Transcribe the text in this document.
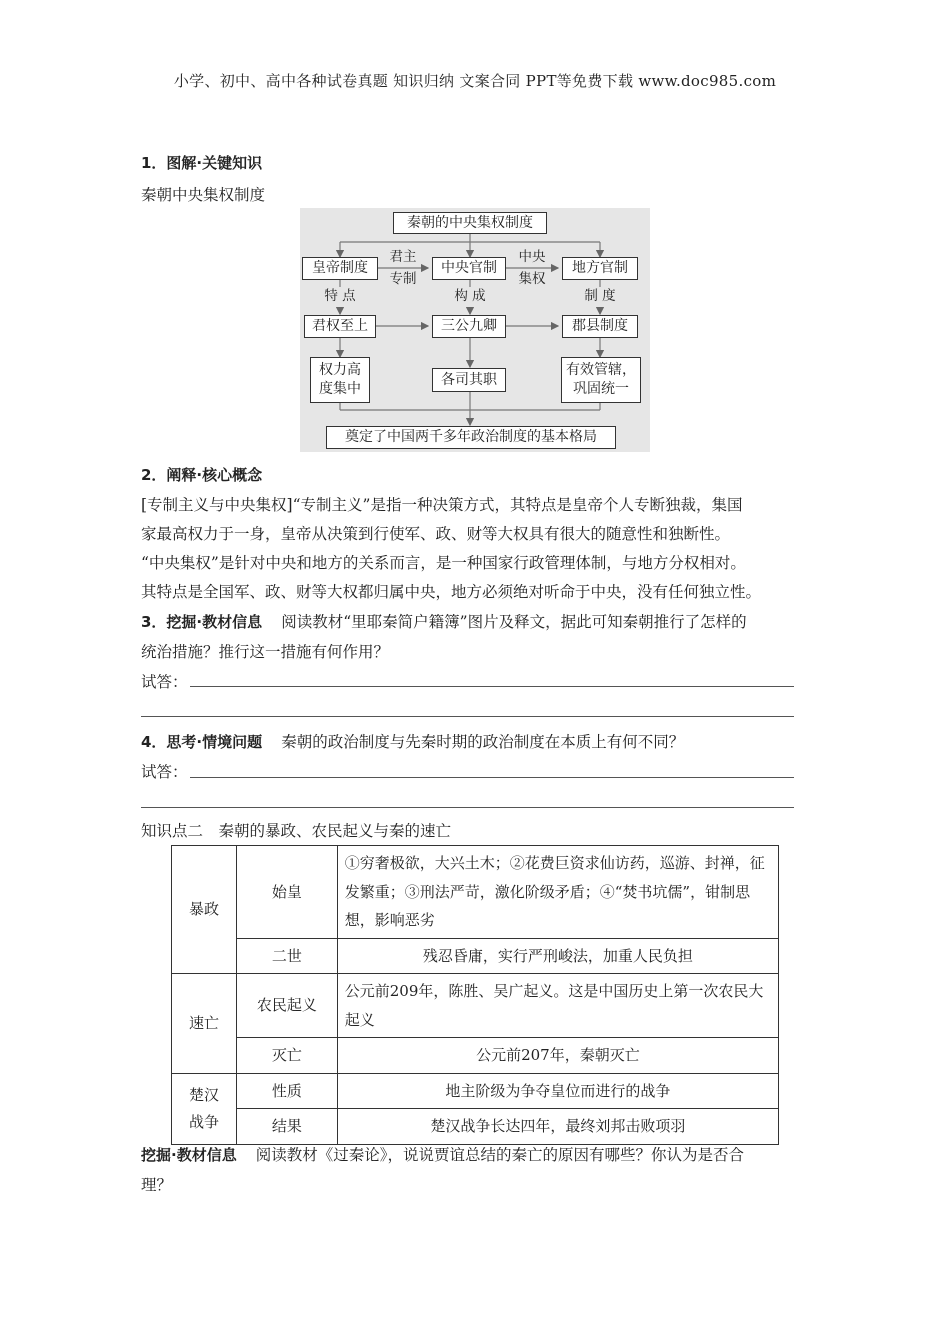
小学、初中、高中各种试卷真题 知识归纳 文案合同 PPT等免费下载 www.doc985.com
1．图解·关键知识
秦朝中央集权制度
秦朝的中央集权制度
皇帝制度	中央官制	地方官制
君主
专制
中央
集权
特 点	构 成	制 度
君权至上	三公九卿	郡县制度
权力高
度集中
各司其职
有效管辖，
巩固统一
奠定了中国两千多年政治制度的基本格局
2．阐释·核心概念
[专制主义与中央集权]“专制主义”是指一种决策方式，其特点是皇帝个人专断独裁，集国
家最高权力于一身，皇帝从决策到行使军、政、财等大权具有很大的随意性和独断性。
“中央集权”是针对中央和地方的关系而言，是一种国家行政管理体制，与地方分权相对。
其特点是全国军、政、财等大权都归属中央，地方必须绝对听命于中央，没有任何独立性。
3．挖掘·教材信息 阅读教材“里耶秦简户籍簿”图片及释文，据此可知秦朝推行了怎样的
统治措施？推行这一措施有何作用？
试答：
4．思考·情境问题 秦朝的政治制度与先秦时期的政治制度在本质上有何不同？
试答：
知识点二　秦朝的暴政、农民起义与秦的速亡
暴政	始皇	①穷奢极欲，大兴土木；②花费巨资求仙访药，巡游、封禅，征发繁重；③刑法严苛，激化阶级矛盾；④“焚书坑儒”，钳制思想，影响恶劣
	二世	残忍昏庸，实行严刑峻法，加重人民负担
速亡	农民起义	公元前209年，陈胜、吴广起义。这是中国历史上第一次农民大起义
	灭亡	公元前207年，秦朝灭亡

楚汉
战争	性质	地主阶级为争夺皇位而进行的战争
	结果	楚汉战争长达四年，最终刘邦击败项羽
挖掘·教材信息 阅读教材《过秦论》，说说贾谊总结的秦亡的原因有哪些？你认为是否合
理？
